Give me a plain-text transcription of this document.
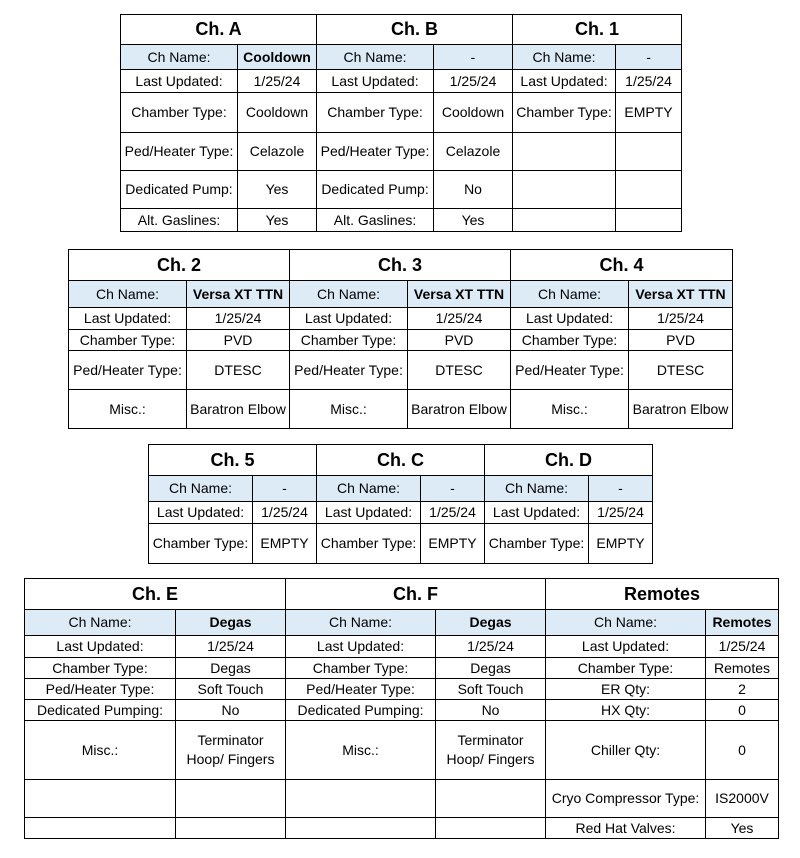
Ch. A		Ch. B		Ch. 1	
Ch Name:	Cooldown	Ch Name:	-	Ch Name:	-
Last Updated:	1/25/24	Last Updated:	1/25/24	Last Updated:	1/25/24
Chamber Type:	Cooldown	Chamber Type:	Cooldown	Chamber Type:	EMPTY
Ped/Heater Type:	Celazole	Ped/Heater Type:	Celazole		
Dedicated Pump:	Yes	Dedicated Pump:	No		
Alt. Gaslines:	Yes	Alt. Gaslines:	Yes		
Ch. 2		Ch. 3		Ch. 4	
Ch Name:	Versa XT TTN	Ch Name:	Versa XT TTN	Ch Name:	Versa XT TTN
Last Updated:	1/25/24	Last Updated:	1/25/24	Last Updated:	1/25/24
Chamber Type:	PVD	Chamber Type:	PVD	Chamber Type:	PVD
Ped/Heater Type:	DTESC	Ped/Heater Type:	DTESC	Ped/Heater Type:	DTESC
Misc.:	Baratron Elbow	Misc.:	Baratron Elbow	Misc.:	Baratron Elbow
Ch. 5		Ch. C		Ch. D	
Ch Name:	-	Ch Name:	-	Ch Name:	-
Last Updated:	1/25/24	Last Updated:	1/25/24	Last Updated:	1/25/24
Chamber Type:	EMPTY	Chamber Type:	EMPTY	Chamber Type:	EMPTY
Ch. E		Ch. F		Remotes	
Ch Name:	Degas	Ch Name:	Degas	Ch Name:	Remotes
Last Updated:	1/25/24	Last Updated:	1/25/24	Last Updated:	1/25/24
Chamber Type:	Degas	Chamber Type:	Degas	Chamber Type:	Remotes
Ped/Heater Type:	Soft Touch	Ped/Heater Type:	Soft Touch	ER Qty:	2
Dedicated Pumping:	No	Dedicated Pumping:	No	HX Qty:	0
Misc.:	Terminator Hoop/ Fingers	Misc.:	Terminator Hoop/ Fingers	Chiller Qty:	0
				Cryo Compressor Type:	IS2000V
				Red Hat Valves:	Yes
